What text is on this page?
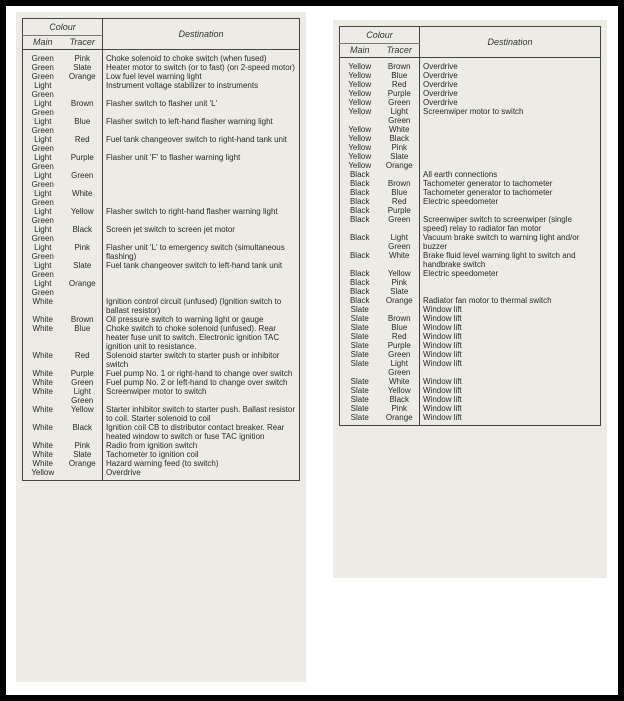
Colour		Destination
Main	Tracer	
Green	Pink	Choke solenoid to choke switch (when fused)
Green	Slate	Heater motor to switch (or to fast) (on 2-speed motor)
Green	Orange	Low fuel level warning light
Light Green		Instrument voltage stabilizer to instruments
Light Green	Brown	Flasher switch to flasher unit 'L'
Light Green	Blue	Flasher switch to left-hand flasher warning light
Light Green	Red	Fuel tank changeover switch to right-hand tank unit
Light Green	Purple	Flasher unit 'F' to flasher warning light
Light Green	Green	
Light Green	White	
Light Green	Yellow	Flasher switch to right-hand flasher warning light
Light Green	Black	Screen jet switch to screen jet motor
Light Green	Pink	Flasher unit 'L' to emergency switch (simultaneous flashing)
Light Green	Slate	Fuel tank changeover switch to left-hand tank unit
Light Green	Orange	
White		Ignition control circuit (unfused) (Ignition switch to ballast resistor)
White	Brown	Oil pressure switch to warning light or gauge
White	Blue	Choke switch to choke solenoid (unfused). Rear heater fuse unit to switch. Electronic ignition TAC ignition unit to resistance.
White	Red	Solenoid starter switch to starter push or inhibitor switch
White	Purple	Fuel pump No. 1 or right-hand to change over switch
White	Green	Fuel pump No. 2 or left-hand to change over switch
White	Light Green	Screenwiper motor to switch
White	Yellow	Starter inhibitor switch to starter push. Ballast resistor to coil. Starter solenoid to coil
White	Black	Ignition coil CB to distributor contact breaker. Rear heated window to switch or fuse TAC ignition
White	Pink	Radio from ignition switch
White	Slate	Tachometer to ignition coil
White	Orange	Hazard warning feed (to switch)
Yellow		Overdrive
Colour		Destination
Main	Tracer	
Yellow	Brown	Overdrive
Yellow	Blue	Overdrive
Yellow	Red	Overdrive
Yellow	Purple	Overdrive
Yellow	Green	Overdrive
Yellow	Light Green	Screenwiper motor to switch
Yellow	White	
Yellow	Black	
Yellow	Pink	
Yellow	Slate	
Yellow	Orange	
Black		All earth connections
Black	Brown	Tachometer generator to tachometer
Black	Blue	Tachometer generator to tachometer
Black	Red	Electric speedometer
Black	Purple	
Black	Green	Screenwiper switch to screenwiper (single speed) relay to radiator fan motor
Black	Light Green	Vacuum brake switch to warning light and/or buzzer
Black	White	Brake fluid level warning light to switch and handbrake switch
Black	Yellow	Electric speedometer
Black	Pink	
Black	Slate	
Black	Orange	Radiator fan motor to thermal switch
Slate		Window lift
Slate	Brown	Window lift
Slate	Blue	Window lift
Slate	Red	Window lift
Slate	Purple	Window lift
Slate	Green	Window lift
Slate	Light Green	Window lift
Slate	White	Window lift
Slate	Yellow	Window lift
Slate	Black	Window lift
Slate	Pink	Window lift
Slate	Orange	Window lift
